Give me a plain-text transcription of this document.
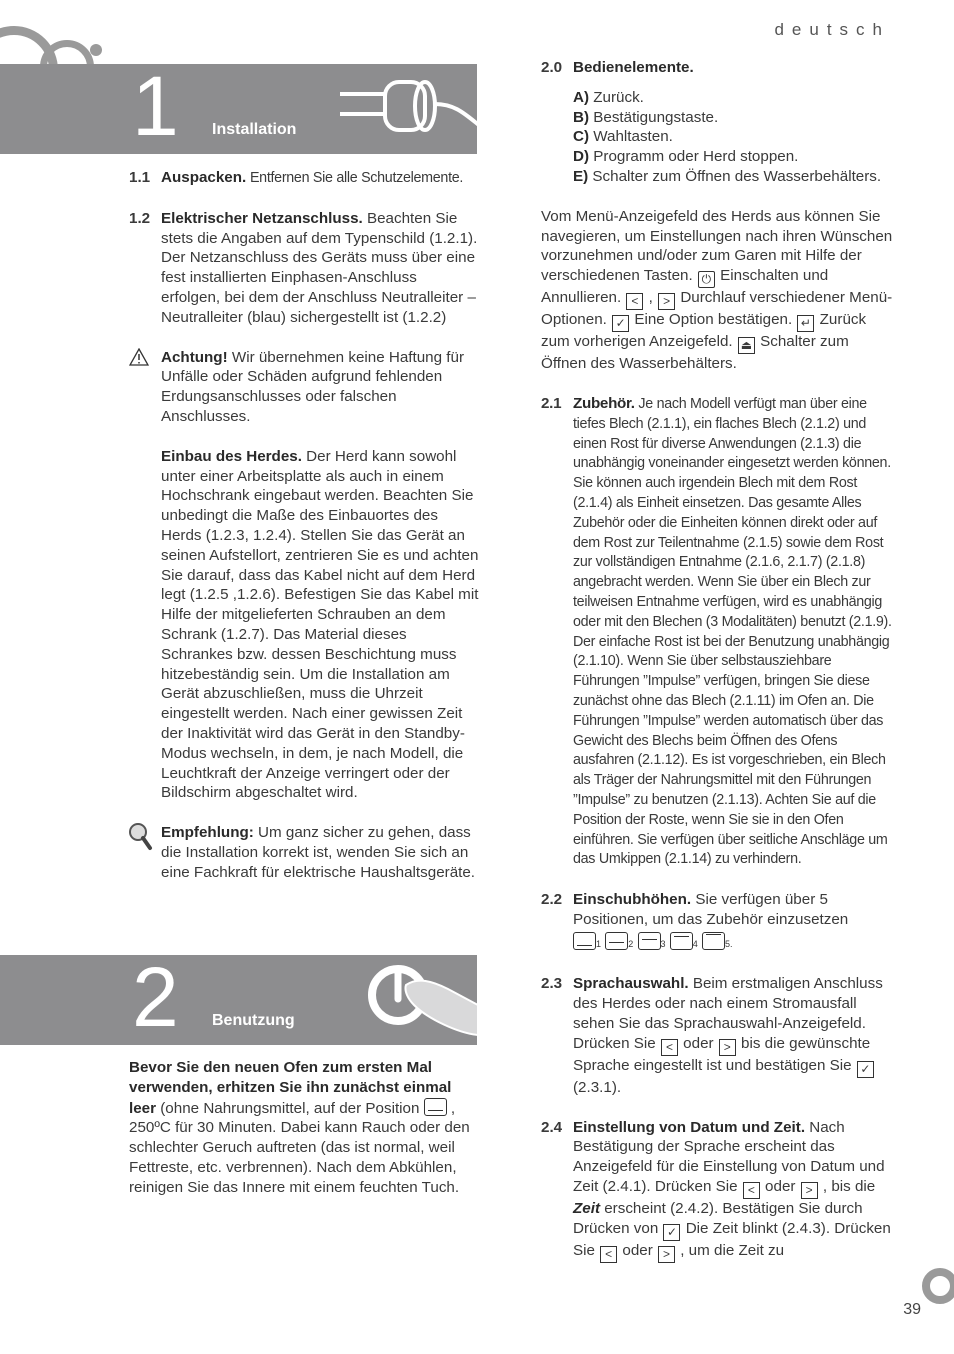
deutsch
1 Installation
1.1 Auspacken. Entfernen Sie alle Schutzelemente.
1.2 Elektrischer Netzanschluss. Beachten Sie stets die Angaben auf dem Typenschild (1.2.1). Der Netzanschluss des Geräts muss über eine fest installierten Einphasen-Anschluss erfolgen, bei dem der Anschluss Neutralleiter – Neutralleiter (blau) sichergestellt ist (1.2.2)
Achtung! Wir übernehmen keine Haftung für Unfälle oder Schäden aufgrund fehlenden Erdungsanschlusses oder falschen Anschlusses.
Einbau des Herdes. Der Herd kann sowohl unter einer Arbeitsplatte als auch in einem Hochschrank eingebaut werden. Beachten Sie unbedingt die Maße des Einbauortes des Herds (1.2.3, 1.2.4). Stellen Sie das Gerät an seinen Aufstellort, zentrieren Sie es und achten Sie darauf, dass das Kabel nicht auf dem Herd legt (1.2.5 ,1.2.6). Befestigen Sie das Kabel mit Hilfe der mitgelieferten Schrauben an dem Schrank (1.2.7). Das Material dieses Schrankes bzw. dessen Beschichtung muss hitzebeständig sein. Um die Installation am Gerät abzuschließen, muss die Uhrzeit eingestellt werden. Nach einer gewissen Zeit der Inaktivität wird das Gerät in den Standby-Modus wechseln, in dem, je nach Modell, die Leuchtkraft der Anzeige verringert oder der Bildschirm abgeschaltet wird.
Empfehlung: Um ganz sicher zu gehen, dass die Installation korrekt ist, wenden Sie sich an eine Fachkraft für elektrische Haushaltsgeräte.
2 Benutzung
Bevor Sie den neuen Ofen zum ersten Mal verwenden, erhitzen Sie ihn zunächst einmal leer (ohne Nahrungsmittel, auf der Position
, 250ºC für 30 Minuten. Dabei kann Rauch oder den schlechter Geruch auftreten (das ist normal, weil Fettreste, etc. verbrennen). Nach dem Abkühlen, reinigen Sie das Innere mit einem feuchten Tuch.
2.0 Bedienelemente.
A) Zurück.
B) Bestätigungstaste.
C) Wahltasten.
D) Programm oder Herd stoppen.
E) Schalter zum Öffnen des Wasserbehälters.
Vom Menü-Anzeigefeld des Herds aus können Sie navegieren, um Einstellungen nach ihren Wünschen vorzunehmen und/oder zum Garen mit Hilfe der verschiedenen Tasten. ⏻ Einschalten und Annullieren. < , > Durchlauf verschiedener Menü-Optionen. ✓ Eine Option bestätigen. ↵ Zurück zum vorherigen Anzeigefeld. ⏏ Schalter zum Öffnen des Wasserbehälters.
2.1 Zubehör. Je nach Modell verfügt man über eine tiefes Blech (2.1.1), ein flaches Blech (2.1.2) und einen Rost für diverse Anwendungen (2.1.3) die unabhängig voneinander eingesetzt werden können. Sie können auch irgendein Blech mit dem Rost (2.1.4) als Einheit einsetzen. Das gesamte Alles Zubehör oder die Einheiten können direkt oder auf dem Rost zur Teilentnahme (2.1.5) sowie dem Rost zur vollständigen Entnahme (2.1.6, 2.1.7) (2.1.8) angebracht werden. Wenn Sie über ein Blech zur teilweisen Entnahme verfügen, wird es unabhängig oder mit den Blechen (3 Modalitäten) benutzt (2.1.9). Der einfache Rost ist bei der Benutzung unabhängig (2.1.10). Wenn Sie über selbstausziehbare Führungen ”Impulse” verfügen, bringen Sie diese zunächst ohne das Blech (2.1.11) im Ofen an. Die Führungen ”Impulse” werden automatisch über das Gewicht des Blechs beim Öffnen des Ofens ausfahren (2.1.12). Es ist vorgeschrieben, ein Blech als Träger der Nahrungsmittel mit den Führungen ”Impulse” zu benutzen (2.1.13). Achten Sie auf die Position der Roste, wenn Sie sie in den Ofen einführen. Sie verfügen über seitliche Anschläge um das Umkippen (2.1.14) zu verhindern.
2.2 Einschubhöhen. Sie verfügen über 5 Positionen, um das Zubehör einzusetzen
1	2	3	4	5.
2.3 Sprachauswahl. Beim erstmaligen Anschluss des Herdes oder nach einem Stromausfall sehen Sie das Sprachauswahl-Anzeigefeld. Drücken Sie < oder > bis die gewünschte Sprache eingestellt ist und bestätigen Sie ✓ (2.3.1).
2.4 Einstellung von Datum und Zeit. Nach Bestätigung der Sprache erscheint das Anzeigefeld für die Einstellung von Datum und Zeit (2.4.1). Drücken Sie < oder > , bis die Zeit erscheint (2.4.2). Bestätigen Sie durch Drücken von ✓ Die Zeit blinkt (2.4.3). Drücken Sie < oder > , um die Zeit zu
39
